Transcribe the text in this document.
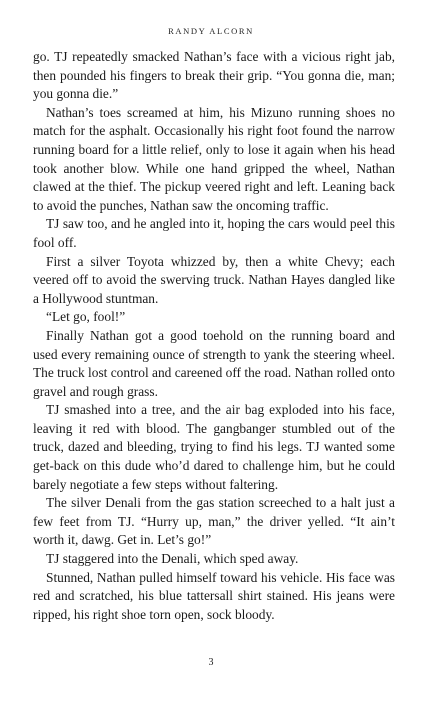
RANDY ALCORN

go. TJ repeatedly smacked Nathan’s face with a vicious right jab, then pounded his fingers to break their grip. “You gonna die, man; you gonna die.”

Nathan’s toes screamed at him, his Mizuno running shoes no match for the asphalt. Occasionally his right foot found the narrow running board for a little relief, only to lose it again when his head took another blow. While one hand gripped the wheel, Nathan clawed at the thief. The pickup veered right and left. Leaning back to avoid the punches, Nathan saw the oncoming traffic.

TJ saw too, and he angled into it, hoping the cars would peel this fool off.

First a silver Toyota whizzed by, then a white Chevy; each veered off to avoid the swerving truck. Nathan Hayes dangled like a Hollywood stuntman.

“Let go, fool!”

Finally Nathan got a good toehold on the running board and used every remaining ounce of strength to yank the steering wheel. The truck lost control and careened off the road. Nathan rolled onto gravel and rough grass.

TJ smashed into a tree, and the air bag exploded into his face, leaving it red with blood. The gangbanger stumbled out of the truck, dazed and bleeding, trying to find his legs. TJ wanted some get-back on this dude who’d dared to challenge him, but he could barely negotiate a few steps without faltering.

The silver Denali from the gas station screeched to a halt just a few feet from TJ. “Hurry up, man,” the driver yelled. “It ain’t worth it, dawg. Get in. Let’s go!”

TJ staggered into the Denali, which sped away.

Stunned, Nathan pulled himself toward his vehicle. His face was red and scratched, his blue tattersall shirt stained. His jeans were ripped, his right shoe torn open, sock bloody.

3
